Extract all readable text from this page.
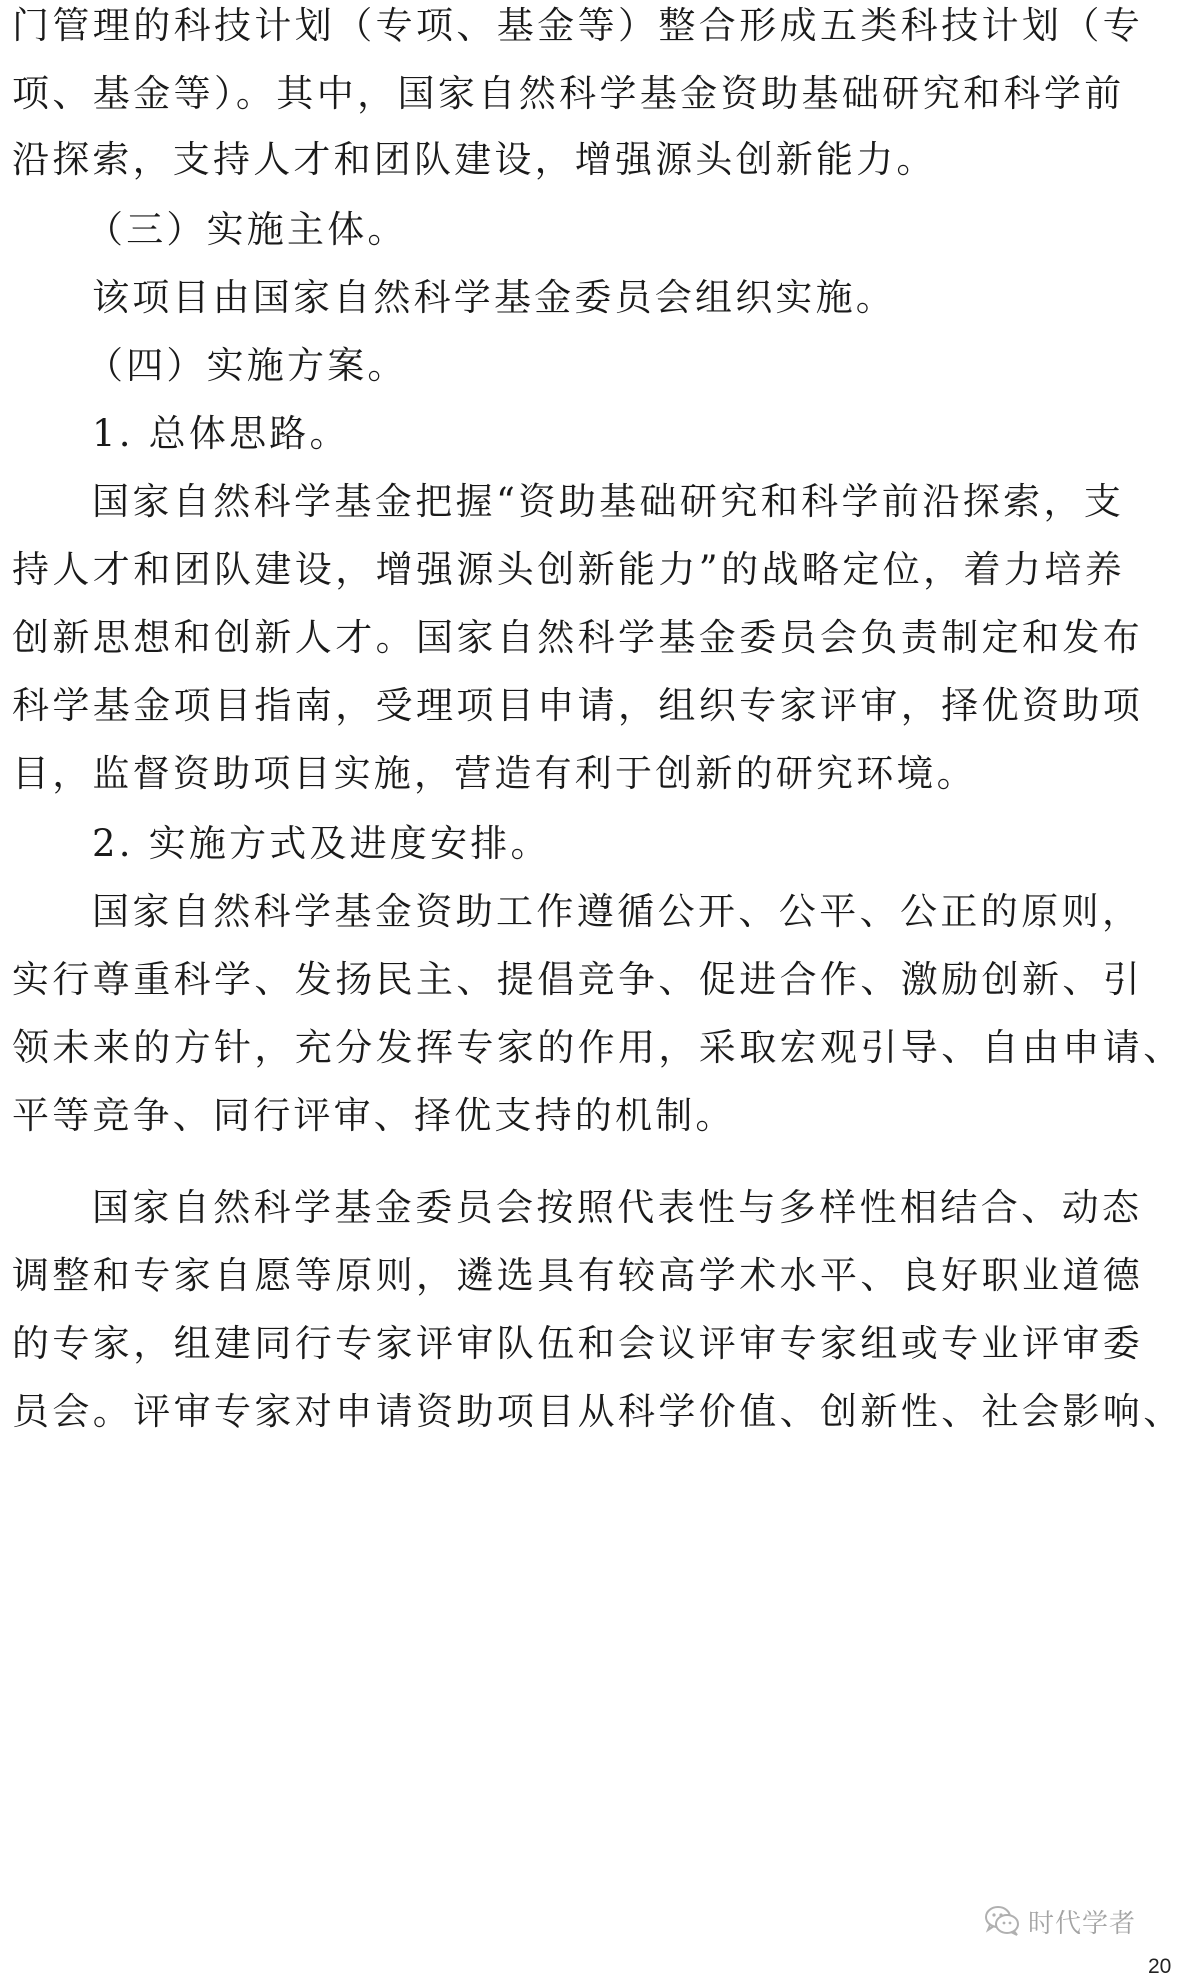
门管理的科技计划（专项、基金等）整合形成五类科技计划（专
项、基金等）。其中，国家自然科学基金资助基础研究和科学前
沿探索，支持人才和团队建设，增强源头创新能力。
（三）实施主体。
该项目由国家自然科学基金委员会组织实施。
（四）实施方案。
1. 总体思路。
国家自然科学基金把握“资助基础研究和科学前沿探索，支
持人才和团队建设，增强源头创新能力”的战略定位，着力培养
创新思想和创新人才。国家自然科学基金委员会负责制定和发布
科学基金项目指南，受理项目申请，组织专家评审，择优资助项
目，监督资助项目实施，营造有利于创新的研究环境。
2. 实施方式及进度安排。
国家自然科学基金资助工作遵循公开、公平、公正的原则，
实行尊重科学、发扬民主、提倡竞争、促进合作、激励创新、引
领未来的方针，充分发挥专家的作用，采取宏观引导、自由申请、
平等竞争、同行评审、择优支持的机制。
国家自然科学基金委员会按照代表性与多样性相结合、动态
调整和专家自愿等原则，遴选具有较高学术水平、良好职业道德
的专家，组建同行专家评审队伍和会议评审专家组或专业评审委
员会。评审专家对申请资助项目从科学价值、创新性、社会影响、
时代学者
20
